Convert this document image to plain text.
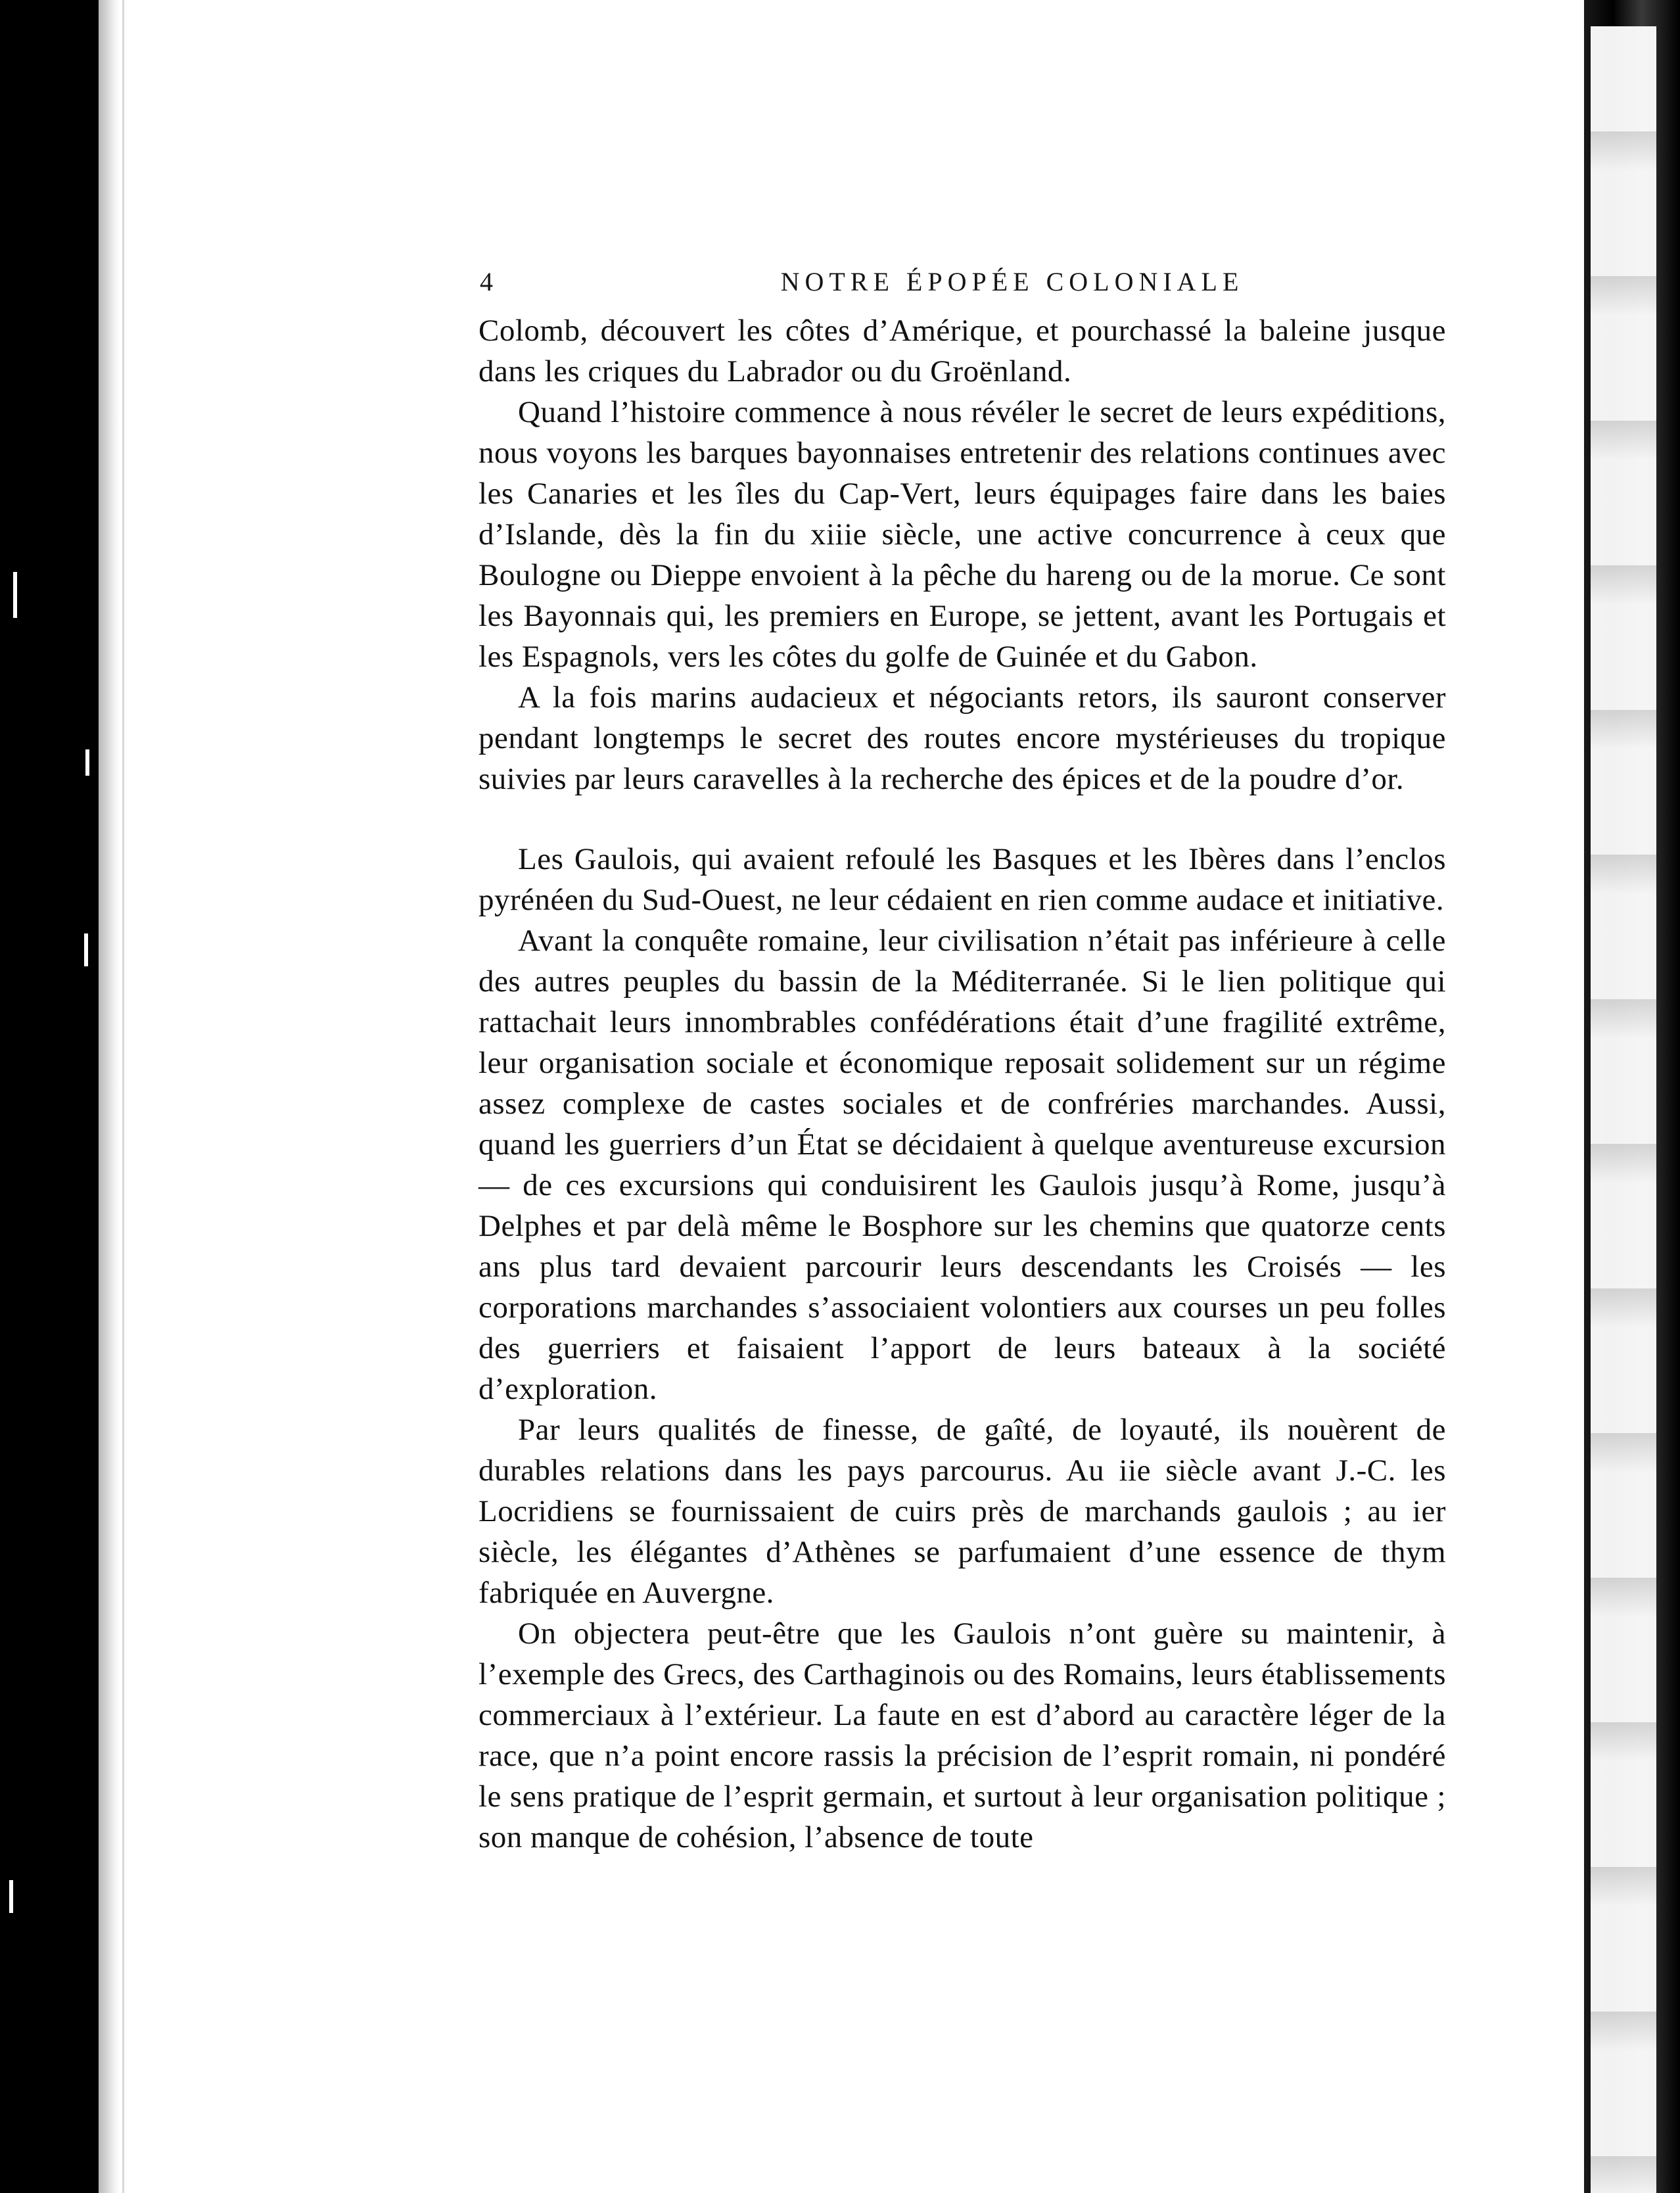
4	NOTRE ÉPOPÉE COLONIALE

Colomb, découvert les côtes d’Amérique, et pourchassé la baleine jusque dans les criques du Labrador ou du Groënland.

Quand l’histoire commence à nous révéler le secret de leurs expéditions, nous voyons les barques bayonnaises entretenir des relations continues avec les Canaries et les îles du Cap-Vert, leurs équipages faire dans les baies d’Islande, dès la fin du xiiie siècle, une active concurrence à ceux que Boulogne ou Dieppe envoient à la pêche du hareng ou de la morue. Ce sont les Bayonnais qui, les premiers en Europe, se jettent, avant les Portugais et les Espagnols, vers les côtes du golfe de Guinée et du Gabon.

A la fois marins audacieux et négociants retors, ils sauront conserver pendant longtemps le secret des routes encore mystérieuses du tropique suivies par leurs caravelles à la recherche des épices et de la poudre d’or.

Les Gaulois, qui avaient refoulé les Basques et les Ibères dans l’enclos pyrénéen du Sud-Ouest, ne leur cédaient en rien comme audace et initiative.

Avant la conquête romaine, leur civilisation n’était pas inférieure à celle des autres peuples du bassin de la Méditerranée. Si le lien politique qui rattachait leurs innombrables confédérations était d’une fragilité extrême, leur organisation sociale et économique reposait solidement sur un régime assez complexe de castes sociales et de confréries marchandes. Aussi, quand les guerriers d’un État se décidaient à quelque aventureuse excursion — de ces excursions qui conduisirent les Gaulois jusqu’à Rome, jusqu’à Delphes et par delà même le Bosphore sur les chemins que quatorze cents ans plus tard devaient parcourir leurs descendants les Croisés — les corporations marchandes s’associaient volontiers aux courses un peu folles des guerriers et faisaient l’apport de leurs bateaux à la société d’exploration.

Par leurs qualités de finesse, de gaîté, de loyauté, ils nouèrent de durables relations dans les pays parcourus. Au iie siècle avant J.-C. les Locridiens se fournissaient de cuirs près de marchands gaulois ; au ier siècle, les élégantes d’Athènes se parfumaient d’une essence de thym fabriquée en Auvergne.

On objectera peut-être que les Gaulois n’ont guère su maintenir, à l’exemple des Grecs, des Carthaginois ou des Romains, leurs établissements commerciaux à l’extérieur. La faute en est d’abord au caractère léger de la race, que n’a point encore rassis la précision de l’esprit romain, ni pondéré le sens pratique de l’esprit germain, et surtout à leur organisation politique ; son manque de cohésion, l’absence de toute
